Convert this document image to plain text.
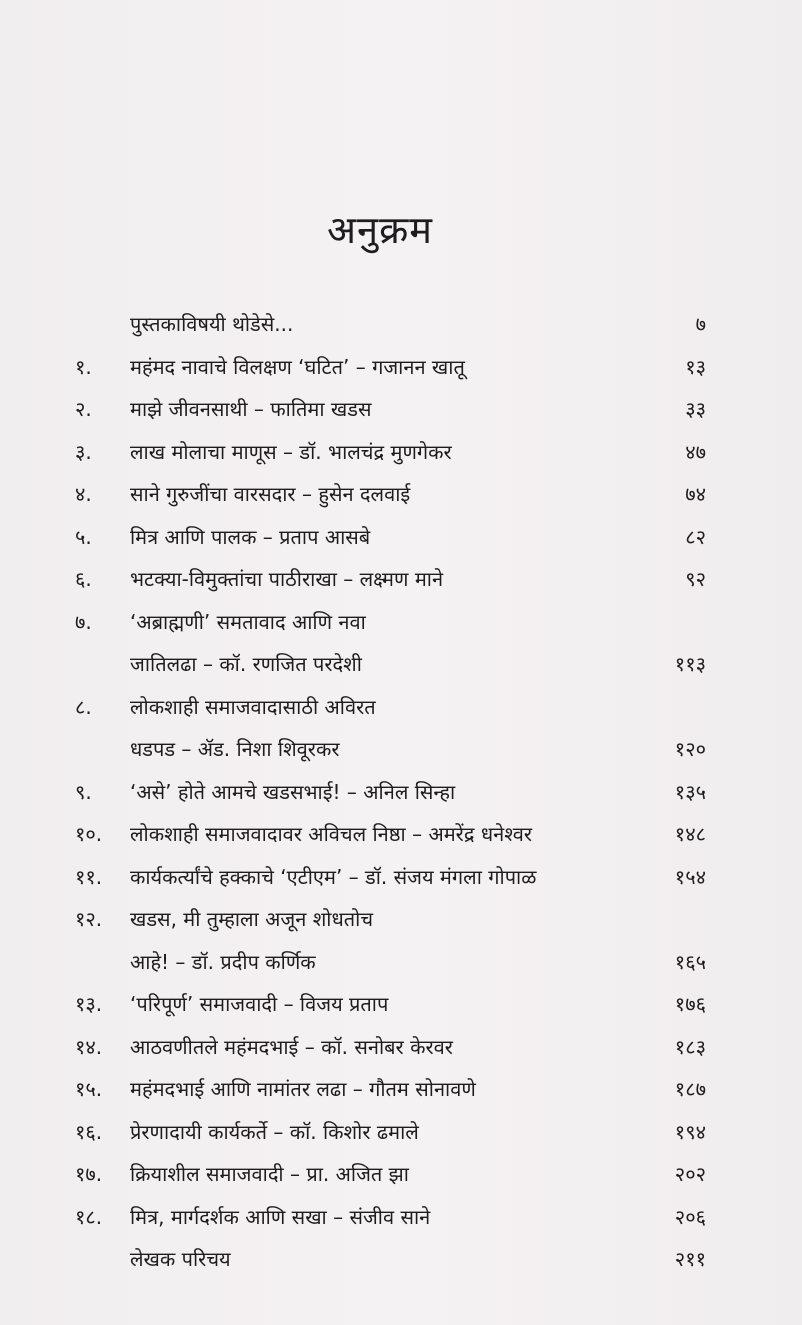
अनुक्रम
पुस्तकाविषयी थोडेसे...	७
१.	महंमद नावाचे विलक्षण ‘घटित’ – गजानन खातू	१३
२.	माझे जीवनसाथी – फातिमा खडस	३३
३.	लाख मोलाचा माणूस – डॉ. भालचंद्र मुणगेकर	४७
४.	साने गुरुजींचा वारसदार – हुसेन दलवाई	७४
५.	मित्र आणि पालक – प्रताप आसबे	८२
६.	भटक्या-विमुक्तांचा पाठीराखा – लक्ष्मण माने	९२
७.	‘अब्राह्मणी’ समतावाद आणि नवा
जातिलढा – कॉ. रणजित परदेशी	११३
८.	लोकशाही समाजवादासाठी अविरत
धडपड – ॲड. निशा शिवूरकर	१२०
९.	‘असे’ होते आमचे खडसभाई! – अनिल सिन्हा	१३५
१०.	लोकशाही समाजवादावर अविचल निष्ठा – अमरेंद्र धनेश्वर	१४८
११.	कार्यकर्त्यांचे हक्काचे ‘एटीएम’ – डॉ. संजय मंगला गोपाळ	१५४
१२.	खडस, मी तुम्हाला अजून शोधतोच
आहे! – डॉ. प्रदीप कर्णिक	१६५
१३.	‘परिपूर्ण’ समाजवादी – विजय प्रताप	१७६
१४.	आठवणीतले महंमदभाई – कॉ. सनोबर केरवर	१८३
१५.	महंमदभाई आणि नामांतर लढा – गौतम सोनावणे	१८७
१६.	प्रेरणादायी कार्यकर्ते – कॉ. किशोर ढमाले	१९४
१७.	क्रियाशील समाजवादी – प्रा. अजित झा	२०२
१८.	मित्र, मार्गदर्शक आणि सखा – संजीव साने	२०६
लेखक परिचय	२११
